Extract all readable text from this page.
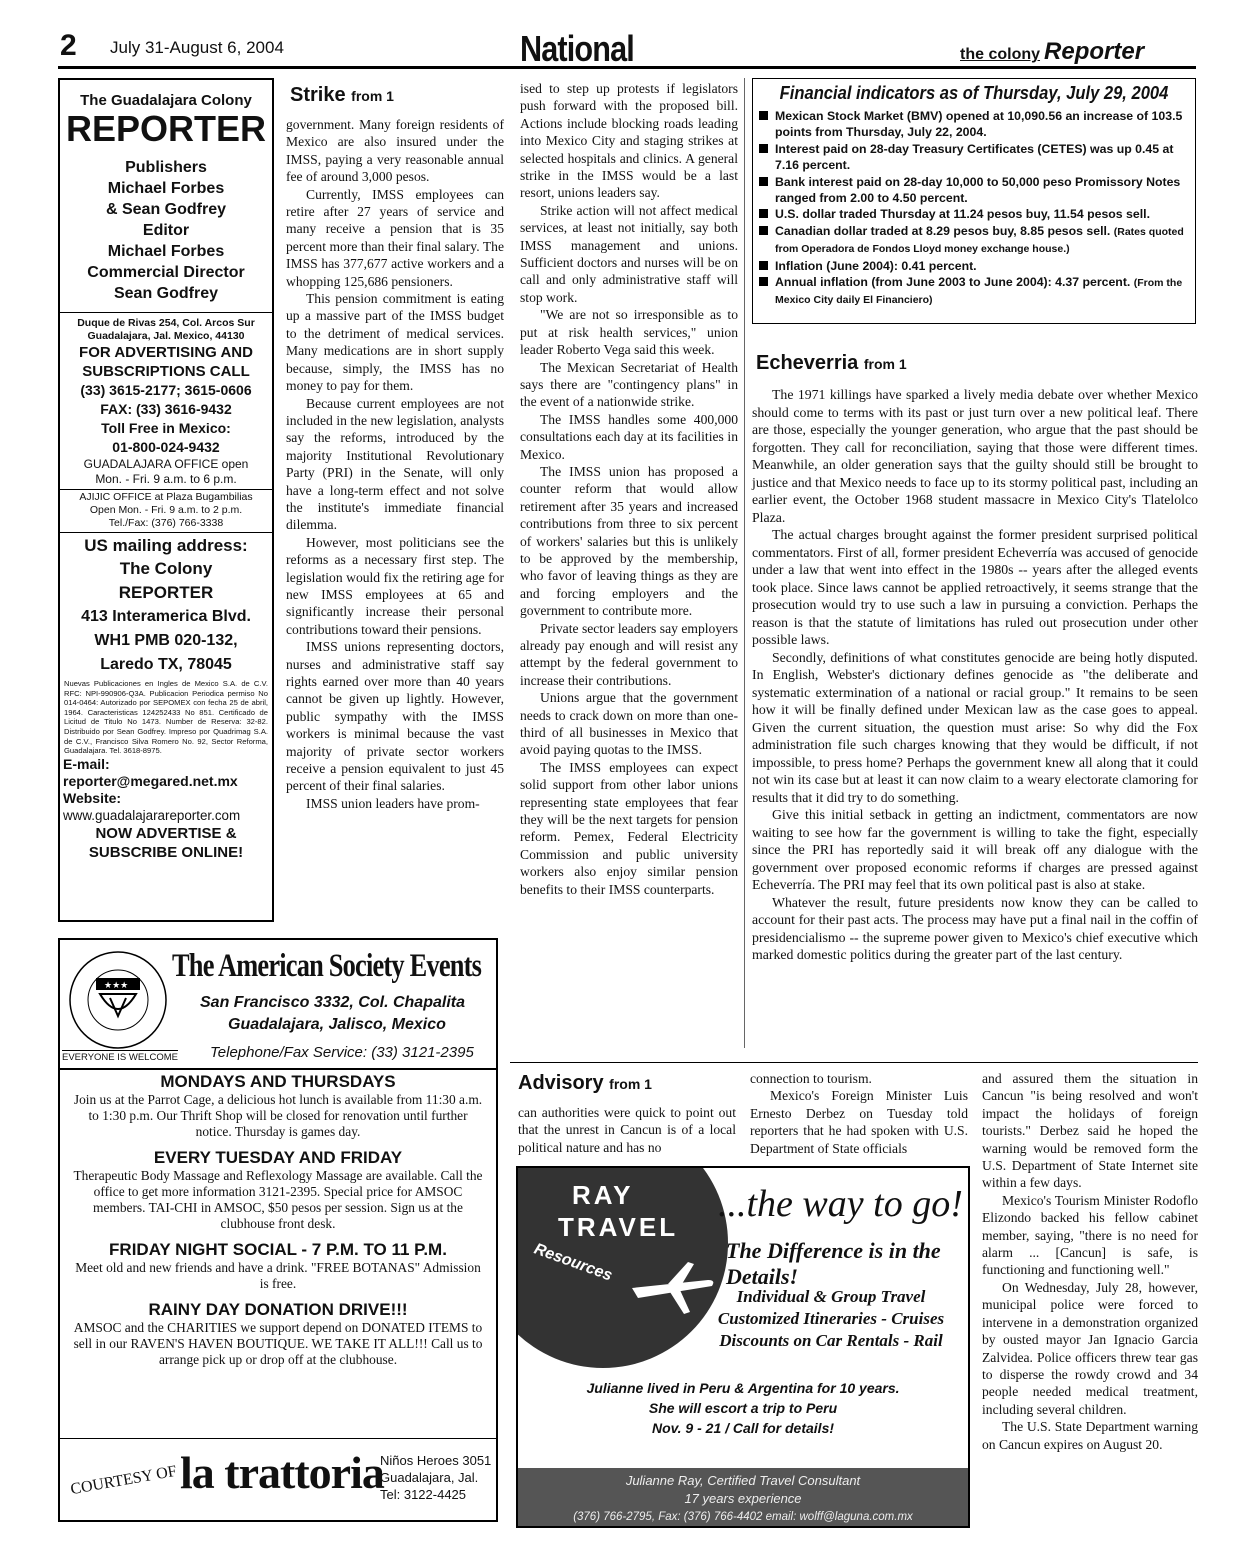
2 July 31-August 6, 2004	National	the colony Reporter
The Guadalajara Colony
REPORTER
Publishers
Michael Forbes
& Sean Godfrey
Editor
Michael Forbes
Commercial Director
Sean Godfrey
Duque de Rivas 254, Col. Arcos Sur
Guadalajara, Jal. Mexico, 44130
FOR ADVERTISING AND
SUBSCRIPTIONS CALL
(33) 3615-2177; 3615-0606
FAX: (33) 3616-9432
Toll Free in Mexico:
01-800-024-9432
GUADALAJARA OFFICE open
Mon. - Fri. 9 a.m. to 6 p.m.
AJIJIC OFFICE at Plaza Bugambilias
Open Mon. - Fri. 9 a.m. to 2 p.m.
Tel./Fax: (376) 766-3338
US mailing address:
The Colony
REPORTER
413 Interamerica Blvd.
WH1 PMB 020-132,
Laredo TX, 78045
Nuevas Publicaciones en Ingles de Mexico S.A. de C.V. RFC: NPI-990906-Q3A. Publicacion Periodica permiso No 014-0464: Autorizado por SEPOMEX con fecha 25 de abril, 1964. Caracteristicas 124252433 No 851. Certificado de Licitud de Titulo No 1473. Number de Reserva: 32-82. Distribuido por Sean Godfrey. Impreso por Quadrimag S.A. de C.V., Francisco Silva Romero No. 92, Sector Reforma, Guadalajara. Tel. 3618-8975.
E-mail:
reporter@megared.net.mx
Website:
www.guadalajarareporter.com
NOW ADVERTISE &
SUBSCRIBE ONLINE!
Strike from 1

government. Many foreign residents of Mexico are also insured under the IMSS, paying a very reasonable annual fee of around 3,000 pesos.

Currently, IMSS employees can retire after 27 years of service and many receive a pension that is 35 percent more than their final salary. The IMSS has 377,677 active workers and a whopping 125,686 pensioners.

This pension commitment is eating up a massive part of the IMSS budget to the detriment of medical services. Many medications are in short supply because, simply, the IMSS has no money to pay for them.

Because current employees are not included in the new legislation, analysts say the reforms, introduced by the majority Institutional Revolutionary Party (PRI) in the Senate, will only have a long-term effect and not solve the institute's immediate financial dilemma.

However, most politicians see the reforms as a necessary first step. The legislation would fix the retiring age for new IMSS employees at 65 and significantly increase their personal contributions toward their pensions.

IMSS unions representing doctors, nurses and administrative staff say rights earned over more than 40 years cannot be given up lightly. However, public sympathy with the IMSS workers is minimal because the vast majority of private sector workers receive a pension equivalent to just 45 percent of their final salaries.

IMSS union leaders have prom-

ised to step up protests if legislators push forward with the proposed bill. Actions include blocking roads leading into Mexico City and staging strikes at selected hospitals and clinics. A general strike in the IMSS would be a last resort, unions leaders say.

Strike action will not affect medical services, at least not initially, say both IMSS management and unions. Sufficient doctors and nurses will be on call and only administrative staff will stop work.

"We are not so irresponsible as to put at risk health services," union leader Roberto Vega said this week.

The Mexican Secretariat of Health says there are "contingency plans" in the event of a nationwide strike.

The IMSS handles some 400,000 consultations each day at its facilities in Mexico.

The IMSS union has proposed a counter reform that would allow retirement after 35 years and increased contributions from three to six percent of workers' salaries but this is unlikely to be approved by the membership, who favor of leaving things as they are and forcing employers and the government to contribute more.

Private sector leaders say employers already pay enough and will resist any attempt by the federal government to increase their contributions.

Unions argue that the government needs to crack down on more than one-third of all businesses in Mexico that avoid paying quotas to the IMSS.

The IMSS employees can expect solid support from other labor unions representing state employees that fear they will be the next targets for pension reform. Pemex, Federal Electricity Commission and public university workers also enjoy similar pension benefits to their IMSS counterparts.

Financial indicators as of Thursday, July 29, 2004
Mexican Stock Market (BMV) opened at 10,090.56 an increase of 103.5 points from Thursday, July 22, 2004.
Interest paid on 28-day Treasury Certificates (CETES) was up 0.45 at 7.16 percent.
Bank interest paid on 28-day 10,000 to 50,000 peso Promissory Notes ranged from 2.00 to 4.50 percent.
U.S. dollar traded Thursday at 11.24 pesos buy, 11.54 pesos sell.
Canadian dollar traded at 8.29 pesos buy, 8.85 pesos sell. (Rates quoted from Operadora de Fondos Lloyd money exchange house.)
Inflation (June 2004): 0.41 percent.
Annual inflation (from June 2003 to June 2004): 4.37 percent. (From the Mexico City daily El Financiero)
Echeverria from 1

The 1971 killings have sparked a lively media debate over whether Mexico should come to terms with its past or just turn over a new political leaf. There are those, especially the younger generation, who argue that the past should be forgotten. They call for reconciliation, saying that those were different times. Meanwhile, an older generation says that the guilty should still be brought to justice and that Mexico needs to face up to its stormy political past, including an earlier event, the October 1968 student massacre in Mexico City's Tlatelolco Plaza.

The actual charges brought against the former president surprised political commentators. First of all, former president Echeverría was accused of genocide under a law that went into effect in the 1980s -- years after the alleged events took place. Since laws cannot be applied retroactively, it seems strange that the prosecution would try to use such a law in pursuing a conviction. Perhaps the reason is that the statute of limitations has ruled out prosecution under other possible laws.

Secondly, definitions of what constitutes genocide are being hotly disputed. In English, Webster's dictionary defines genocide as "the deliberate and systematic extermination of a national or racial group." It remains to be seen how it will be finally defined under Mexican law as the case goes to appeal. Given the current situation, the question must arise: So why did the Fox administration file such charges knowing that they would be difficult, if not impossible, to press home? Perhaps the government knew all along that it could not win its case but at least it can now claim to a weary electorate clamoring for results that it did try to do something.

Give this initial setback in getting an indictment, commentators are now waiting to see how far the government is willing to take the fight, especially since the PRI has reportedly said it will break off any dialogue with the government over proposed economic reforms if charges are pressed against Echeverría. The PRI may feel that its own political past is also at stake.

Whatever the result, future presidents now know they can be called to account for their past acts. The process may have put a final nail in the coffin of presidencialismo -- the supreme power given to Mexico's chief executive which marked domestic politics during the greater part of the last century.

★★★
EVERYONE IS WELCOME
The American Society Events
San Francisco 3332, Col. Chapalita
Guadalajara, Jalisco, Mexico
Telephone/Fax Service: (33) 3121-2395
MONDAYS AND THURSDAYS
Join us at the Parrot Cage, a delicious hot lunch is available from 11:30 a.m. to 1:30 p.m. Our Thrift Shop will be closed for renovation until further notice. Thursday is games day.
EVERY TUESDAY AND FRIDAY
Therapeutic Body Massage and Reflexology Massage are available. Call the office to get more information 3121-2395. Special price for AMSOC members. TAI-CHI in AMSOC, $50 pesos per session. Sign us at the clubhouse front desk.
FRIDAY NIGHT SOCIAL - 7 P.M. TO 11 P.M.
Meet old and new friends and have a drink. "FREE BOTANAS" Admission is free.
RAINY DAY DONATION DRIVE!!!
AMSOC and the CHARITIES we support depend on DONATED ITEMS to sell in our RAVEN'S HAVEN BOUTIQUE. WE TAKE IT ALL!!! Call us to arrange pick up or drop off at the clubhouse.
COURTESY OF la trattoria
Niños Heroes 3051
Guadalajara, Jal.
Tel: 3122-4425
Advisory from 1

can authorities were quick to point out that the unrest in Cancun is of a local political nature and has no

connection to tourism.

Mexico's Foreign Minister Luis Ernesto Derbez on Tuesday told reporters that he had spoken with U.S. Department of State officials

and assured them the situation in Cancun "is being resolved and won't impact the holidays of foreign tourists." Derbez said he hoped the warning would be removed form the U.S. Department of State Internet site within a few days.

Mexico's Tourism Minister Rodoflo Elizondo backed his fellow cabinet member, saying, "there is no need for alarm ... [Cancun] is safe, is functioning and functioning well."

On Wednesday, July 28, however, municipal police were forced to intervene in a demonstration organized by ousted mayor Jan Ignacio Garcia Zalvidea. Police officers threw tear gas to disperse the rowdy crowd and 34 people needed medical treatment, including several children.

The U.S. State Department warning on Cancun expires on August 20.

RAY
TRAVEL
Resources
...the way to go!
The Difference is in the Details!
Individual & Group Travel
Customized Itineraries - Cruises
Discounts on Car Rentals - Rail
Julianne lived in Peru & Argentina for 10 years.
She will escort a trip to Peru
Nov. 9 - 21 / Call for details!
Julianne Ray, Certified Travel Consultant
17 years experience
(376) 766-2795, Fax: (376) 766-4402 email: wolff@laguna.com.mx
